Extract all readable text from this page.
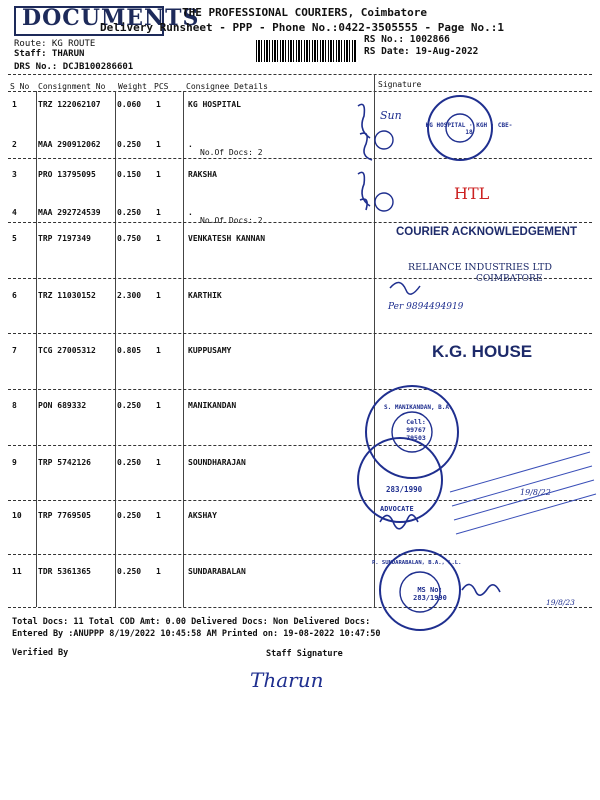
DOCUMENTS
THE PROFESSIONAL COURIERS, Coimbatore
Delivery Runsheet - PPP - Phone No.:0422-3505555 - Page No.:1
Route: KG ROUTE
Staff: THARUN
DRS No.: DCJB100286601
RS No.: 1002866
RS Date: 19-Aug-2022
S No Consignment No Weight PCS Consignee Details	Signature
1	TRZ 122062107 0.060 1	KG HOSPITAL
2	MAA 290912062 0.250 1	.
No.Of Docs: 2
3	PRO 13795095	0.150 1	RAKSHA
4	MAA 292724539 0.250 1	.
No.Of Docs: 2
5	TRP 7197349	0.750 1	VENKATESH KANNAN
6	TRZ 11030152	2.300 1	KARTHIK
7	TCG 27005312	0.805 1	KUPPUSAMY
8	PON 689332	0.250 1	MANIKANDAN
9	TRP 5742126	0.250 1	SOUNDHARAJAN
10 TRP 7769505	0.250 1	AKSHAY
11 TDR 5361365	0.250 1	SUNDARABALAN
Sun
KG HOSPITAL · KGH · CBE-18
HTL
COURIER ACKNOWLEDGEMENT
RELIANCE INDUSTRIES LTD
COIMBATORE
Per 9894494919
K.G. HOUSE
S. MANIKANDAN, B.A.
Cell: 99767 79503
ADVOCATE
283/1990	19/8/22
P. SUNDARABALAN, B.A., L.L.
MS No: 283/1990	19/8/23
Total Docs: 11 Total COD Amt: 0.00 Delivered Docs: Non Delivered Docs:
Entered By :ANUPPP 8/19/2022 10:45:58 AM Printed on: 19-08-2022 10:47:50
Verified By	Staff Signature
Tharun
